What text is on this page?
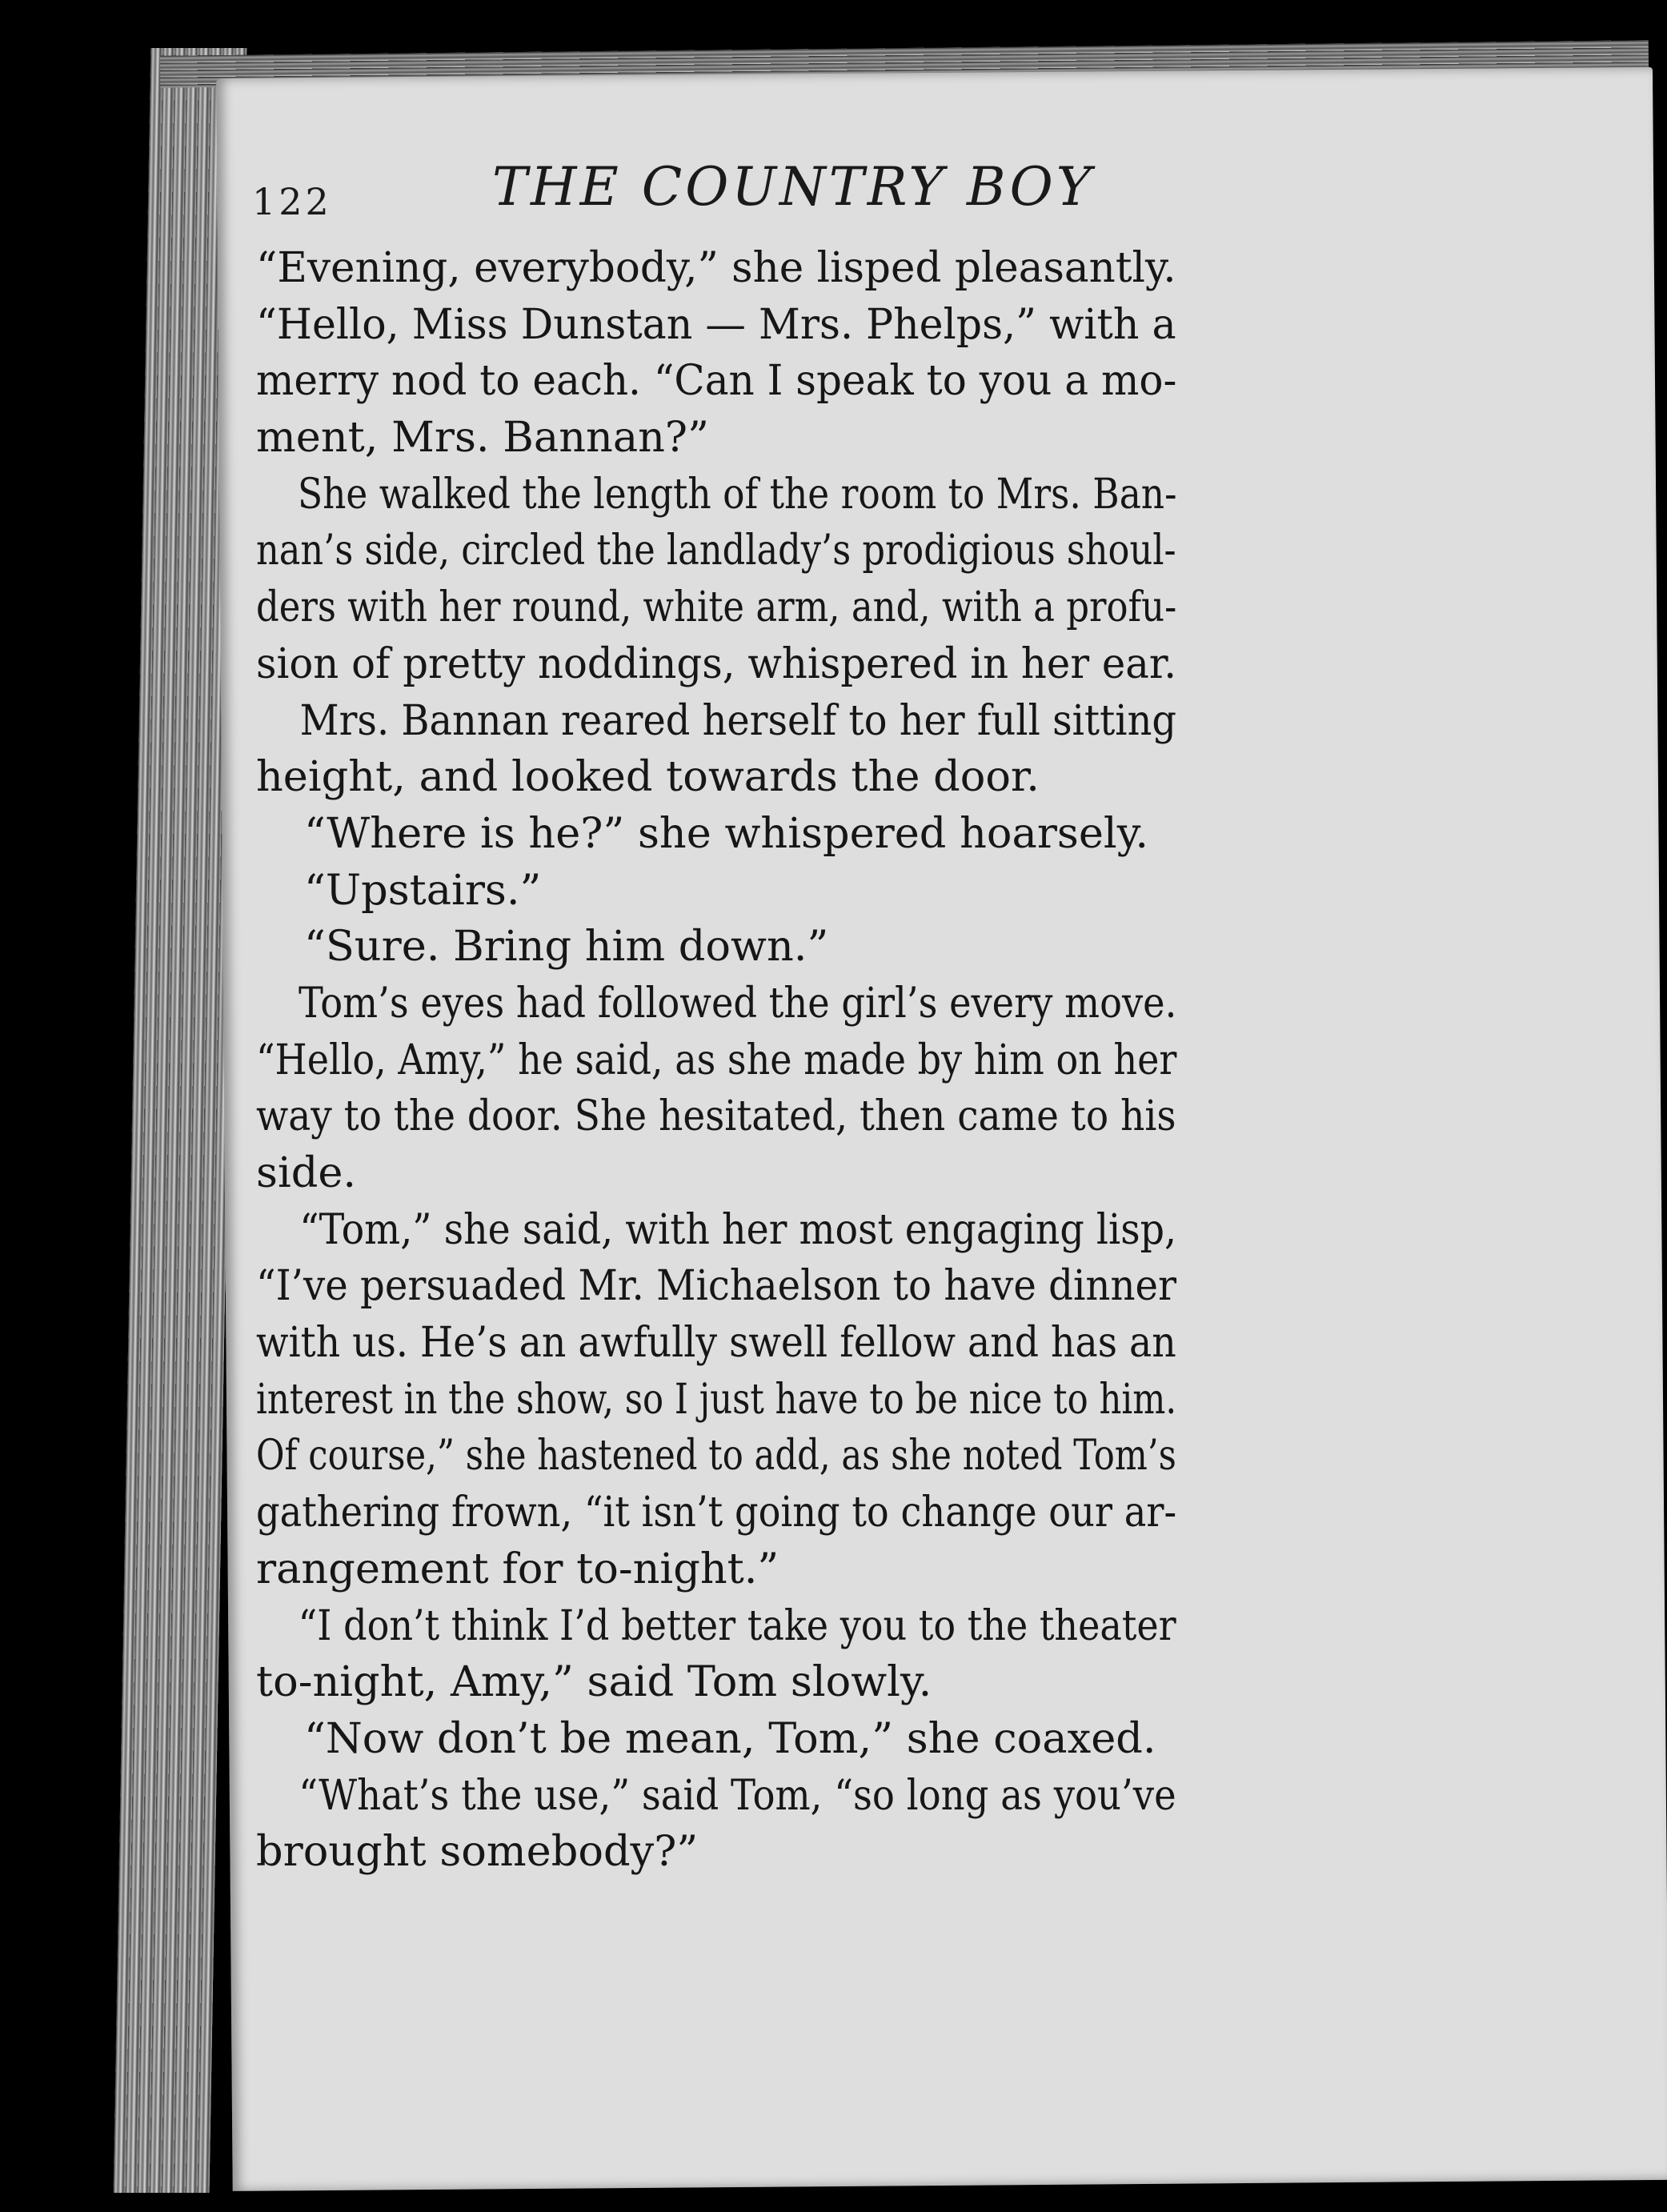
122	THE COUNTRY BOY
“Evening, everybody,” she lisped pleasantly.
“Hello, Miss Dunstan — Mrs. Phelps,” with a
merry nod to each. “Can I speak to you a mo-
ment, Mrs. Bannan?”
She walked the length of the room to Mrs. Ban-
nan’s side, circled the landlady’s prodigious shoul-
ders with her round, white arm, and, with a profu-
sion of pretty noddings, whispered in her ear.
Mrs. Bannan reared herself to her full sitting
height, and looked towards the door.
“Where is he?” she whispered hoarsely.
“Upstairs.”
“Sure. Bring him down.”
Tom’s eyes had followed the girl’s every move.
“Hello, Amy,” he said, as she made by him on her
way to the door. She hesitated, then came to his
side.
“Tom,” she said, with her most engaging lisp,
“I’ve persuaded Mr. Michaelson to have dinner
with us. He’s an awfully swell fellow and has an
interest in the show, so I just have to be nice to him.
Of course,” she hastened to add, as she noted Tom’s
gathering frown, “it isn’t going to change our ar-
rangement for to-night.”
“I don’t think I’d better take you to the theater
to-night, Amy,” said Tom slowly.
“Now don’t be mean, Tom,” she coaxed.
“What’s the use,” said Tom, “so long as you’ve
brought somebody?”
